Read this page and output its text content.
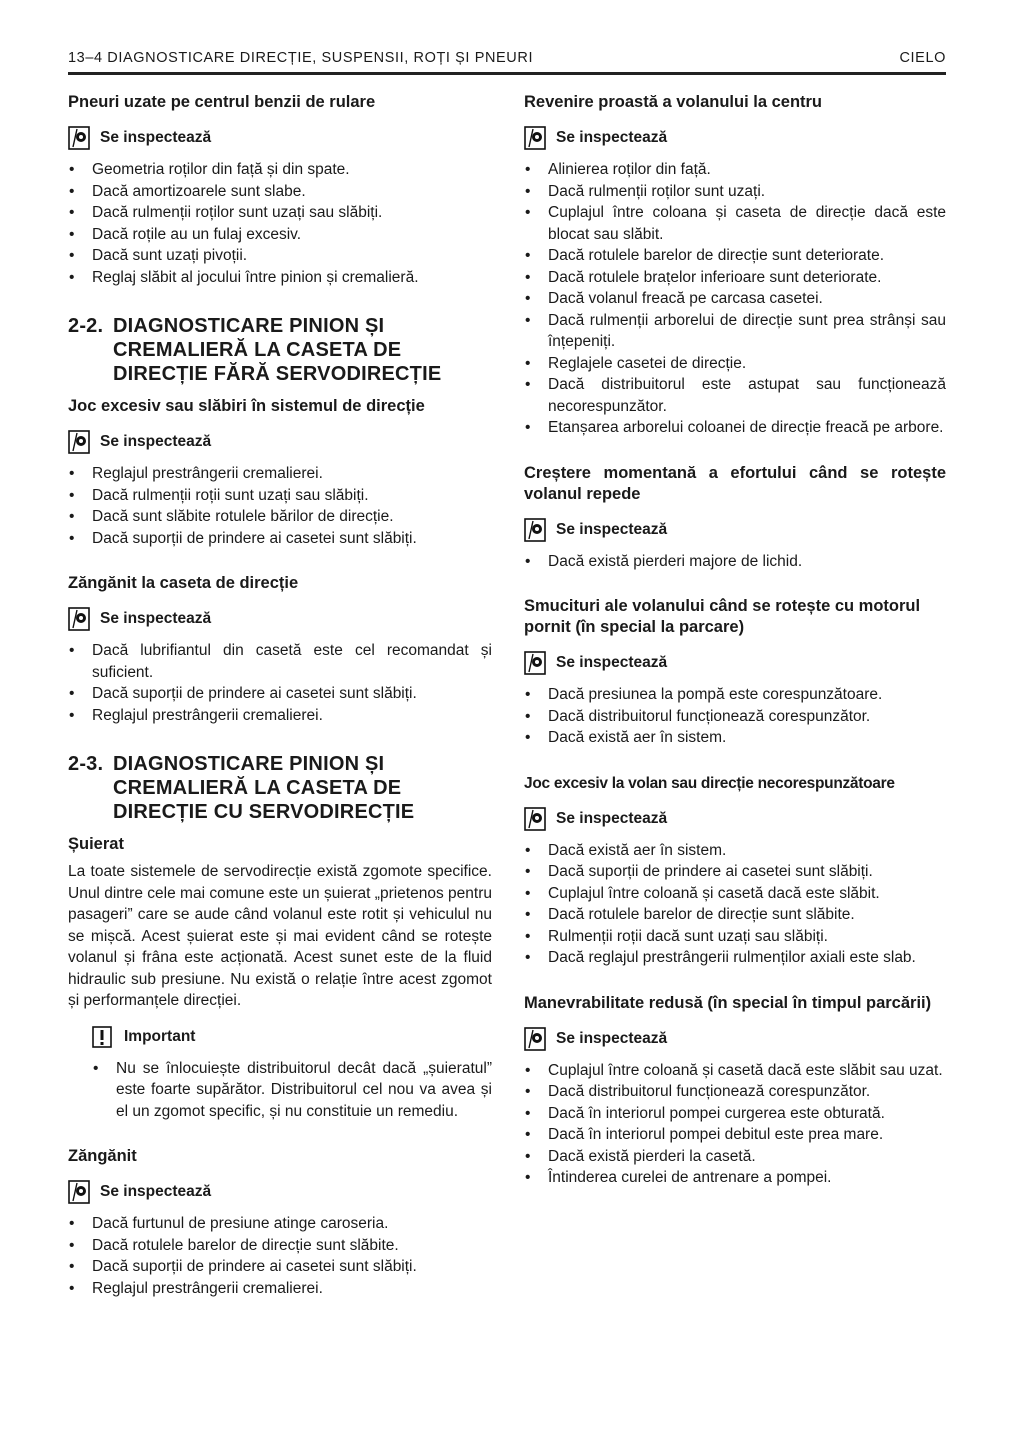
13–4 DIAGNOSTICARE DIRECȚIE, SUSPENSII, ROȚI ȘI PNEURI	CIELO
Pneuri uzate pe centrul benzii de rulare
Se inspectează
• Geometria roților din față și din spate.
• Dacă amortizoarele sunt slabe.
• Dacă rulmenții roților sunt uzați sau slăbiți.
• Dacă roțile au un fulaj excesiv.
• Dacă sunt uzați pivoții.
• Reglaj slăbit al jocului între pinion și cremalieră.
2-2. DIAGNOSTICARE PINION ȘI CREMALIERĂ LA CASETA DE DIRECȚIE FĂRĂ SERVODIRECȚIE
Joc excesiv sau slăbiri în sistemul de direcție
Se inspectează
• Reglajul prestrângerii cremalierei.
• Dacă rulmenții roții sunt uzați sau slăbiți.
• Dacă sunt slăbite rotulele bărilor de direcție.
• Dacă suporții de prindere ai casetei sunt slăbiți.
Zăngănit la caseta de direcție
Se inspectează
• Dacă lubrifiantul din casetă este cel recomandat și suficient.
• Dacă suporții de prindere ai casetei sunt slăbiți.
• Reglajul prestrângerii cremalierei.
2-3. DIAGNOSTICARE PINION ȘI CREMALIERĂ LA CASETA DE DIRECȚIE CU SERVODIRECȚIE
Șuierat
La toate sistemele de servodirecție există zgomote specifice. Unul dintre cele mai comune este un șuierat „prietenos pentru pasageri” care se aude când volanul este rotit și vehiculul nu se mișcă. Acest șuierat este și mai evident când se rotește volanul și frâna este acționată. Acest sunet este de la fluid hidraulic sub presiune. Nu există o relație între acest zgomot și performanțele direcției.
Important
• Nu se înlocuiește distribuitorul decât dacă „șuieratul” este foarte supărător. Distribuitorul cel nou va avea și el un zgomot specific, și nu constituie un remediu.
Zăngănit
Se inspectează
• Dacă furtunul de presiune atinge caroseria.
• Dacă rotulele barelor de direcție sunt slăbite.
• Dacă suporții de prindere ai casetei sunt slăbiți.
• Reglajul prestrângerii cremalierei.
Revenire proastă a volanului la centru
Se inspectează
• Alinierea roților din față.
• Dacă rulmenții roților sunt uzați.
• Cuplajul între coloana și caseta de direcție dacă este blocat sau slăbit.
• Dacă rotulele barelor de direcție sunt deteriorate.
• Dacă rotulele brațelor inferioare sunt deteriorate.
• Dacă volanul freacă pe carcasa casetei.
• Dacă rulmenții arborelui de direcție sunt prea strânși sau înțepeniți.
• Reglajele casetei de direcție.
• Dacă distribuitorul este astupat sau funcționează necorespunzător.
• Etanșarea arborelui coloanei de direcție freacă pe arbore.
Creștere momentană a efortului când se rotește volanul repede
Se inspectează
• Dacă există pierderi majore de lichid.
Smucituri ale volanului când se rotește cu motorul pornit (în special la parcare)
Se inspectează
• Dacă presiunea la pompă este corespunzătoare.
• Dacă distribuitorul funcționează corespunzător.
• Dacă există aer în sistem.
Joc excesiv la volan sau direcție necorespunzătoare
Se inspectează
• Dacă există aer în sistem.
• Dacă suporții de prindere ai casetei sunt slăbiți.
• Cuplajul între coloană și casetă dacă este slăbit.
• Dacă rotulele barelor de direcție sunt slăbite.
• Rulmenții roții dacă sunt uzați sau slăbiți.
• Dacă reglajul prestrângerii rulmenților axiali este slab.
Manevrabilitate redusă (în special în timpul parcării)
Se inspectează
• Cuplajul între coloană și casetă dacă este slăbit sau uzat.
• Dacă distribuitorul funcționează corespunzător.
• Dacă în interiorul pompei curgerea este obturată.
• Dacă în interiorul pompei debitul este prea mare.
• Dacă există pierderi la casetă.
• Întinderea curelei de antrenare a pompei.
